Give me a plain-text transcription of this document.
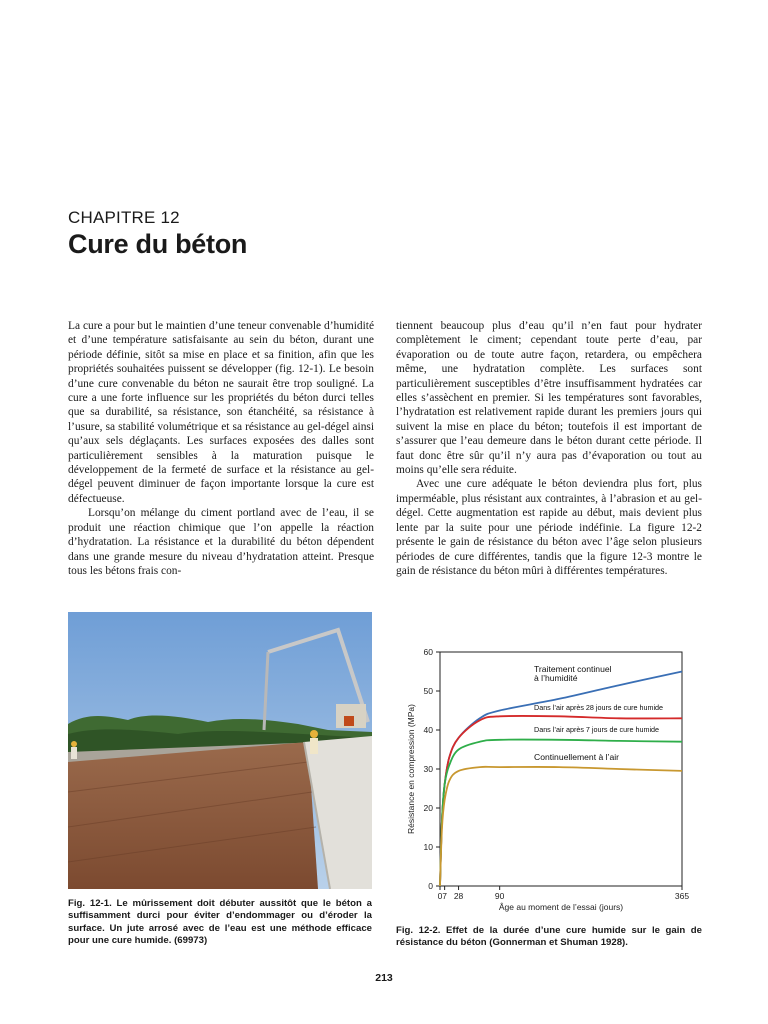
CHAPITRE 12
Cure du béton

La cure a pour but le maintien d’une teneur convenable d’humidité et d’une température satisfaisante au sein du béton, durant une période définie, sitôt sa mise en place et sa finition, afin que les propriétés souhaitées puissent se développer (fig. 12-1). Le besoin d’une cure convenable du béton ne saurait être trop souligné. La cure a une forte influence sur les propriétés du béton durci telles que sa durabilité, sa résistance, son étanchéité, sa résistance à l’usure, sa stabilité volumétrique et sa résistance au gel-dégel ainsi qu’aux sels déglaçants. Les surfaces exposées des dalles sont particulièrement sensibles à la maturation puisque le développement de la fermeté de surface et la résistance au gel-dégel peuvent diminuer de façon importante lorsque la cure est défectueuse.

Lorsqu’on mélange du ciment portland avec de l’eau, il se produit une réaction chimique que l’on appelle la réaction d’hydratation. La résistance et la durabilité du béton dépendent dans une grande mesure du niveau d’hydratation atteint. Presque tous les bétons frais con-

tiennent beaucoup plus d’eau qu’il n’en faut pour hydrater complètement le ciment; cependant toute perte d’eau, par évaporation ou de toute autre façon, retardera, ou empêchera même, une hydratation complète. Les surfaces sont particulièrement susceptibles d’être insuffisamment hydratées car elles s’assèchent en premier. Si les températures sont favorables, l’hydratation est relativement rapide durant les premiers jours qui suivent la mise en place du béton; toutefois il est important de s’assurer que l’eau demeure dans le béton durant cette période. Il faut donc être sûr qu’il n’y aura pas d’évaporation ou tout au moins qu’elle sera réduite.

Avec une cure adéquate le béton deviendra plus fort, plus imperméable, plus résistant aux contraintes, à l’abrasion et au gel-dégel. Cette augmentation est rapide au début, mais devient plus lente par la suite pour une période indéfinie. La figure 12-2 présente le gain de résistance du béton avec l’âge selon plusieurs périodes de cure différentes, tandis que la figure 12-3 montre le gain de résistance du béton mûri à différentes températures.

Fig. 12-1. Le mûrissement doit débuter aussitôt que le béton a suffisamment durci pour éviter d’endommager ou d’éroder la surface. Un jute arrosé avec de l’eau est une méthode efficace pour une cure humide. (69973)
0
10
20
30
40
50
60
0 7 28	90	365
Âge au moment de l’essai (jours)
Résistance en compression (MPa)
Traitement continuel
à l’humidité
Dans l’air après 28 jours de cure humide
Dans l’air après 7 jours de cure humide
Continuellement à l’air
Fig. 12-2. Effet de la durée d’une cure humide sur le gain de résistance du béton (Gonnerman et Shuman 1928).
213
